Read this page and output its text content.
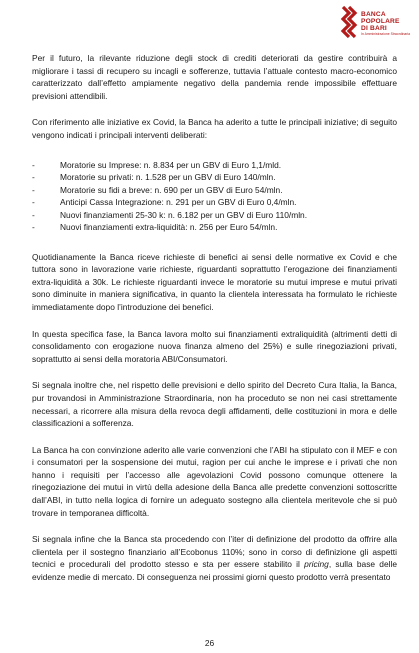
BANCA
POPOLARE
DI BARI
In Amministrazione Straordinaria

Per il futuro, la rilevante riduzione degli stock di crediti deteriorati da gestire contribuirà a migliorare i tassi di recupero su incagli e sofferenze, tuttavia l’attuale contesto macro-economico caratterizzato dall’effetto ampiamente negativo della pandemia rende impossibile effettuare previsioni attendibili.

Con riferimento alle iniziative ex Covid, la Banca ha aderito a tutte le principali iniziative; di seguito vengono indicati i principali interventi deliberati:

-	Moratorie su Imprese: n. 8.834 per un GBV di Euro 1,1/mld.
-	Moratorie su privati: n. 1.528 per un GBV di Euro 140/mln.
-	Moratorie su fidi a breve: n. 690 per un GBV di Euro 54/mln.
-	Anticipi Cassa Integrazione: n. 291 per un GBV di Euro 0,4/mln.
-	Nuovi finanziamenti 25-30 k: n. 6.182 per un GBV di Euro 110/mln.
-	Nuovi finanziamenti extra-liquidità: n. 256 per Euro 54/mln.

Quotidianamente la Banca riceve richieste di benefici ai sensi delle normative ex Covid e che tuttora sono in lavorazione varie richieste, riguardanti soprattutto l’erogazione dei finanziamenti extra-liquidità a 30k. Le richieste riguardanti invece le moratorie su mutui imprese e mutui privati sono diminuite in maniera significativa, in quanto la clientela interessata ha formulato le richieste immediatamente dopo l’introduzione dei benefici.

In questa specifica fase, la Banca lavora molto sui finanziamenti extraliquidità (altrimenti detti di consolidamento con erogazione nuova finanza almeno del 25%) e sulle rinegoziazioni privati, soprattutto ai sensi della moratoria ABI/Consumatori.

Si segnala inoltre che, nel rispetto delle previsioni e dello spirito del Decreto Cura Italia, la Banca, pur trovandosi in Amministrazione Straordinaria, non ha proceduto se non nei casi strettamente necessari, a ricorrere alla misura della revoca degli affidamenti, delle costituzioni in mora e delle classificazioni a sofferenza.

La Banca ha con convinzione aderito alle varie convenzioni che l’ABI ha stipulato con il MEF e con i consumatori per la sospensione dei mutui, ragion per cui anche le imprese e i privati che non hanno i requisiti per l’accesso alle agevolazioni Covid possono comunque ottenere la rinegoziazione dei mutui in virtù della adesione della Banca alle predette convenzioni sottoscritte dall’ABI, in tutto nella logica di fornire un adeguato sostegno alla clientela meritevole che si può trovare in temporanea difficoltà.

Si segnala infine che la Banca sta procedendo con l’iter di definizione del prodotto da offrire alla clientela per il sostegno finanziario all’Ecobonus 110%; sono in corso di definizione gli aspetti tecnici e procedurali del prodotto stesso e sta per essere stabilito il pricing, sulla base delle evidenze medie di mercato. Di conseguenza nei prossimi giorni questo prodotto verrà presentato

26
